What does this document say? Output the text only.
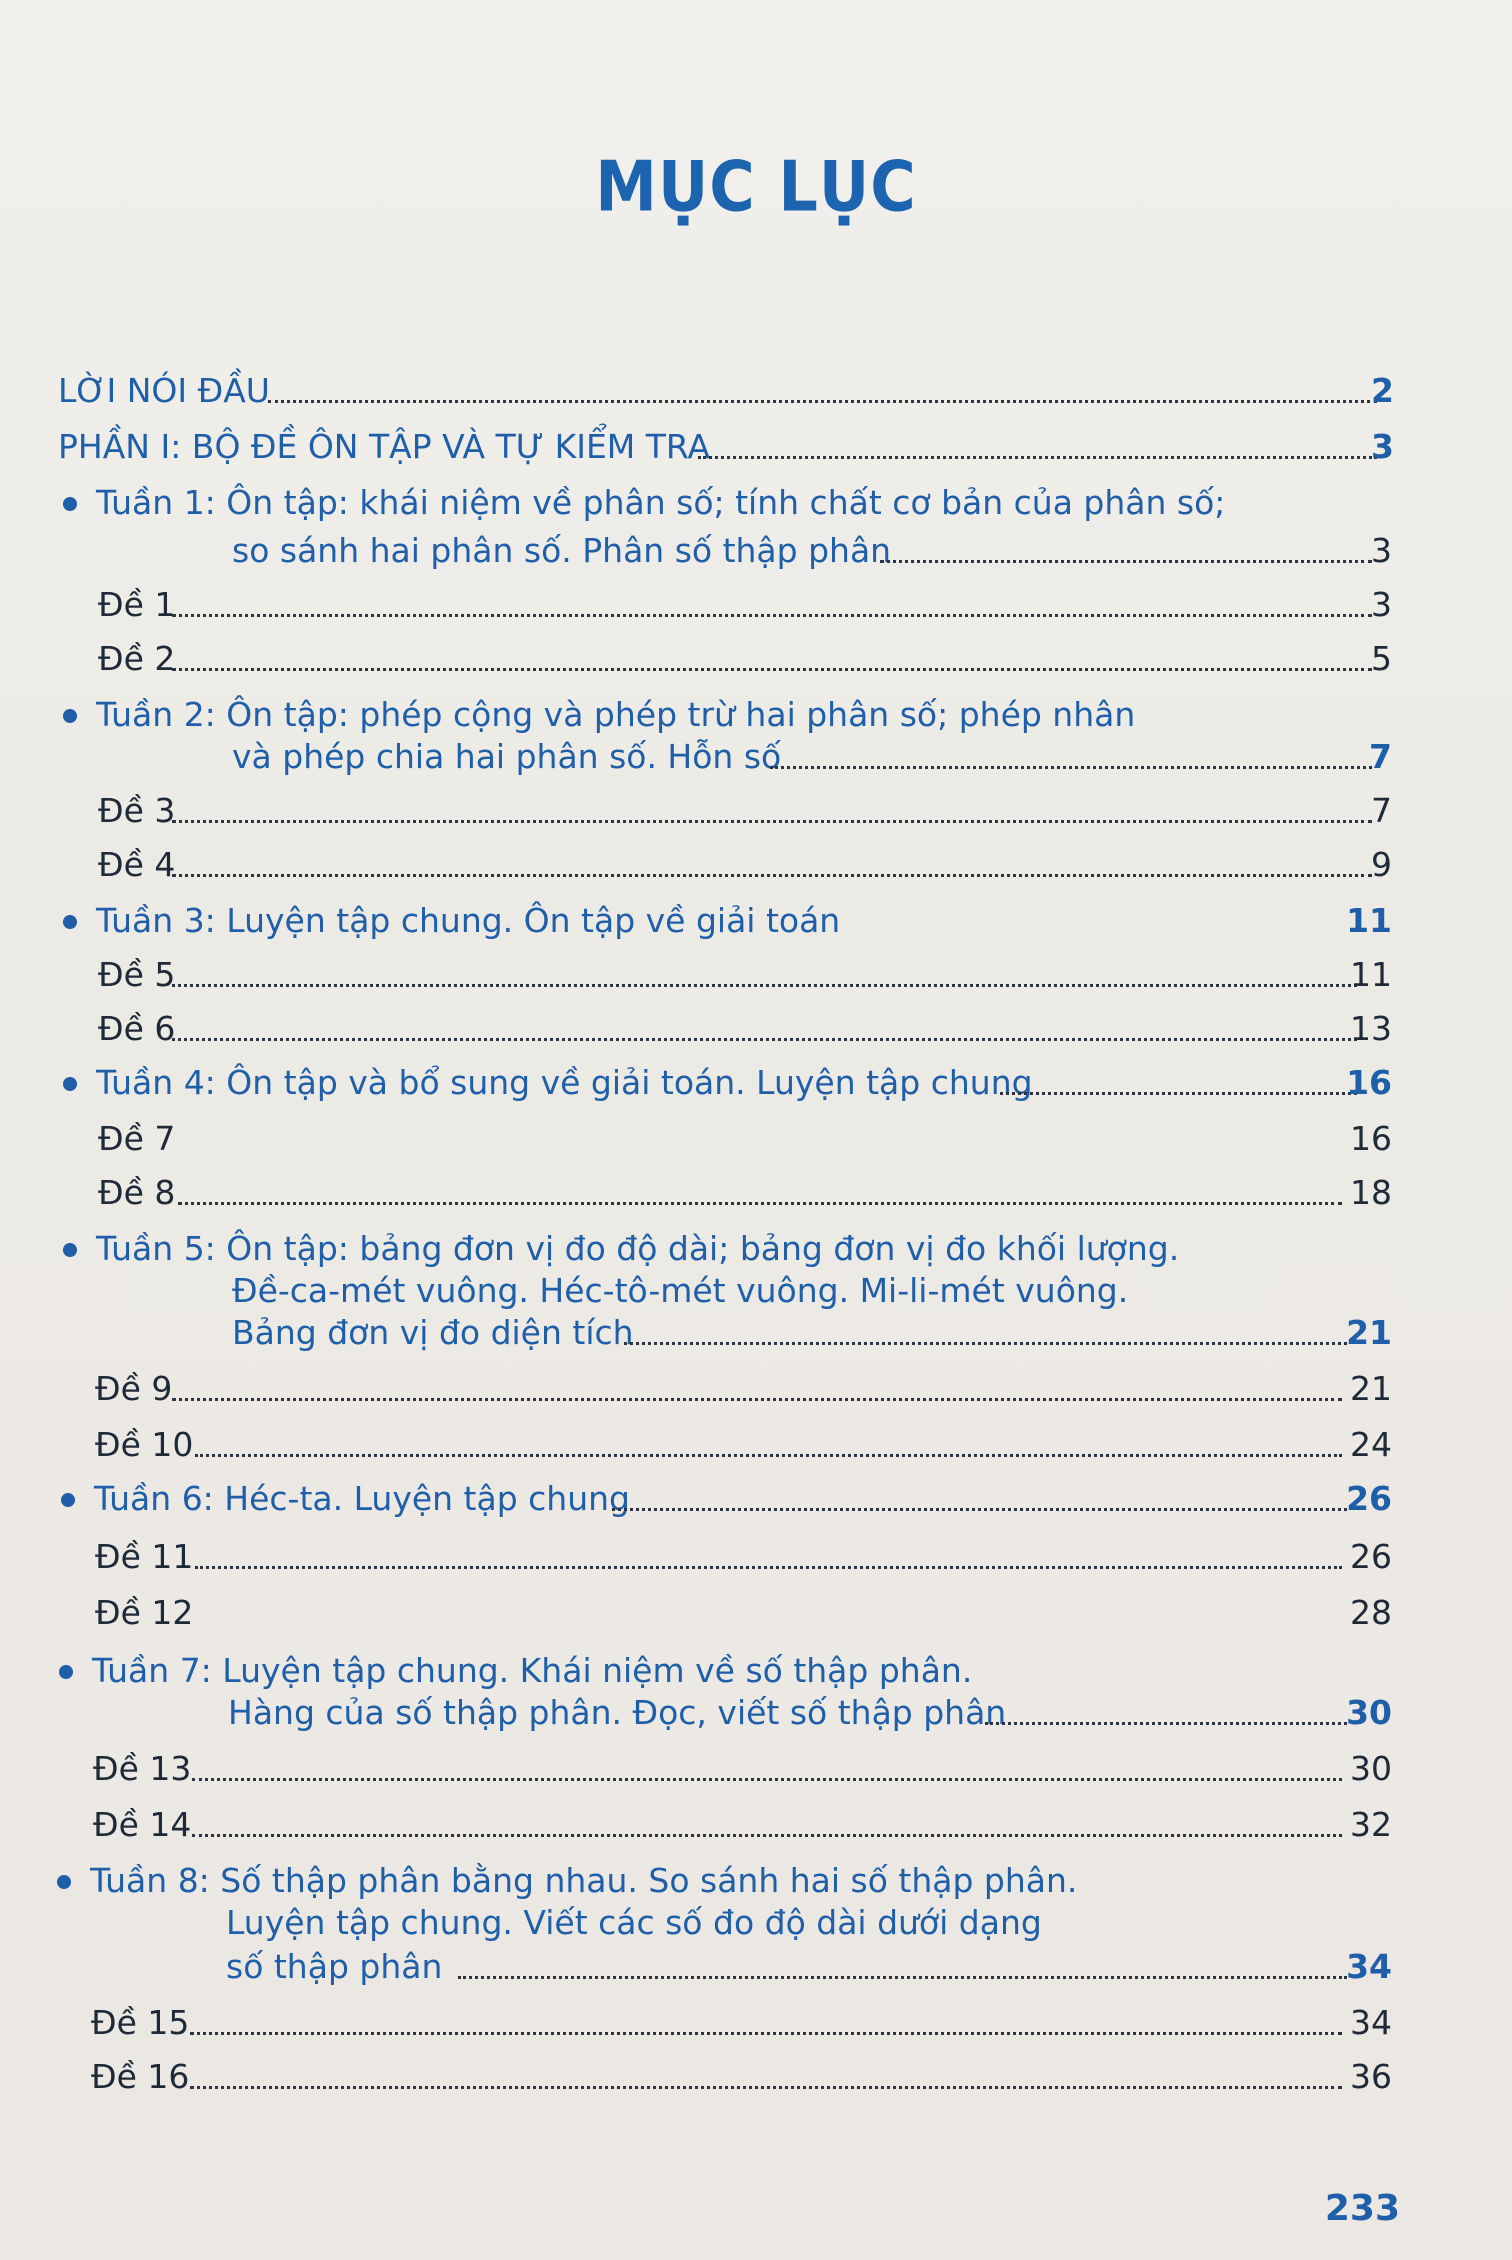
MỤC LỤC
LỜI NÓI ĐẦU	2
PHẦN I: BỘ ĐỀ ÔN TẬP VÀ TỰ KIỂM TRA	3
Tuần 1: Ôn tập: khái niệm về phân số; tính chất cơ bản của phân số;
so sánh hai phân số. Phân số thập phân	3
Đề 1	3
Đề 2	5
Tuần 2: Ôn tập: phép cộng và phép trừ hai phân số; phép nhân
và phép chia hai phân số. Hỗn số	7
Đề 3	7
Đề 4	9
Tuần 3: Luyện tập chung. Ôn tập về giải toán	11
Đề 5	11
Đề 6	13
Tuần 4: Ôn tập và bổ sung về giải toán. Luyện tập chung	16
Đề 7	16
Đề 8	18
Tuần 5: Ôn tập: bảng đơn vị đo độ dài; bảng đơn vị đo khối lượng.
Đề-ca-mét vuông. Héc-tô-mét vuông. Mi-li-mét vuông.
Bảng đơn vị đo diện tích	21
Đề 9	21
Đề 10	24
Tuần 6: Héc-ta. Luyện tập chung	26
Đề 11	26
Đề 12	28
Tuần 7: Luyện tập chung. Khái niệm về số thập phân.
Hàng của số thập phân. Đọc, viết số thập phân	30
Đề 13	30
Đề 14	32
Tuần 8: Số thập phân bằng nhau. So sánh hai số thập phân.
Luyện tập chung. Viết các số đo độ dài dưới dạng
số thập phân	34
Đề 15	34
Đề 16	36
233
